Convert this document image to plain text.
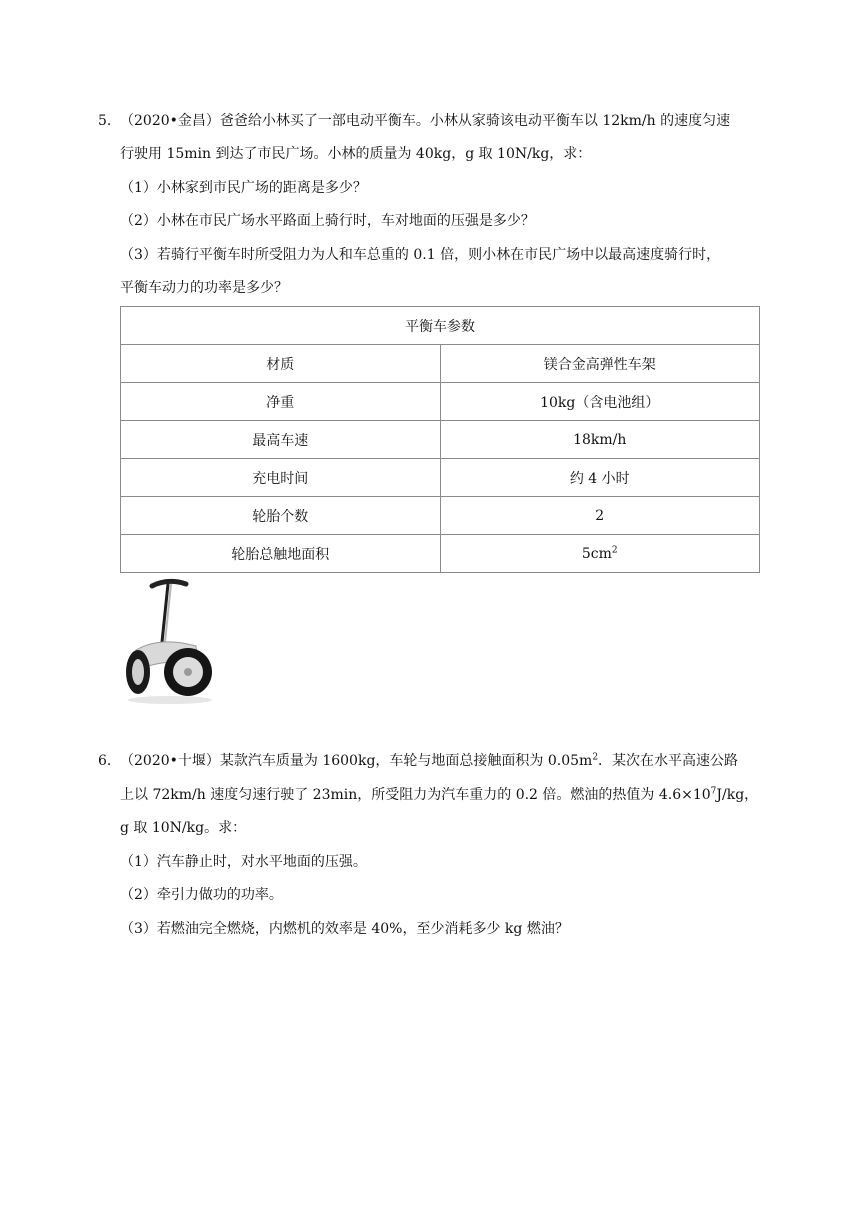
5． （2020•金昌）爸爸给小林买了一部电动平衡车。小林从家骑该电动平衡车以 12km/h 的速度匀速
行驶用 15min 到达了市民广场。小林的质量为 40kg，g 取 10N/kg，求：
（1）小林家到市民广场的距离是多少？
（2）小林在市民广场水平路面上骑行时，车对地面的压强是多少？
（3）若骑行平衡车时所受阻力为人和车总重的 0.1 倍，则小林在市民广场中以最高速度骑行时，
平衡车动力的功率是多少？
平衡车参数	
材质	镁合金高弹性车架
净重	10kg（含电池组）
最高车速	18km/h
充电时间	约 4 小时
轮胎个数	2
轮胎总触地面积	$5cm^2$
6． （2020•十堰）某款汽车质量为 1600kg，车轮与地面总接触面积为 $0.05m^2$．某次在水平高速公路
上以 72km/h 速度匀速行驶了 23min，所受阻力为汽车重力的 0.2 倍。燃油的热值为 $4.6\times 10^7J/kg$，
g 取 10N/kg。求：
（1）汽车静止时，对水平地面的压强。
（2）牵引力做功的功率。
（3）若燃油完全燃烧，内燃机的效率是 40%，至少消耗多少 kg 燃油？
